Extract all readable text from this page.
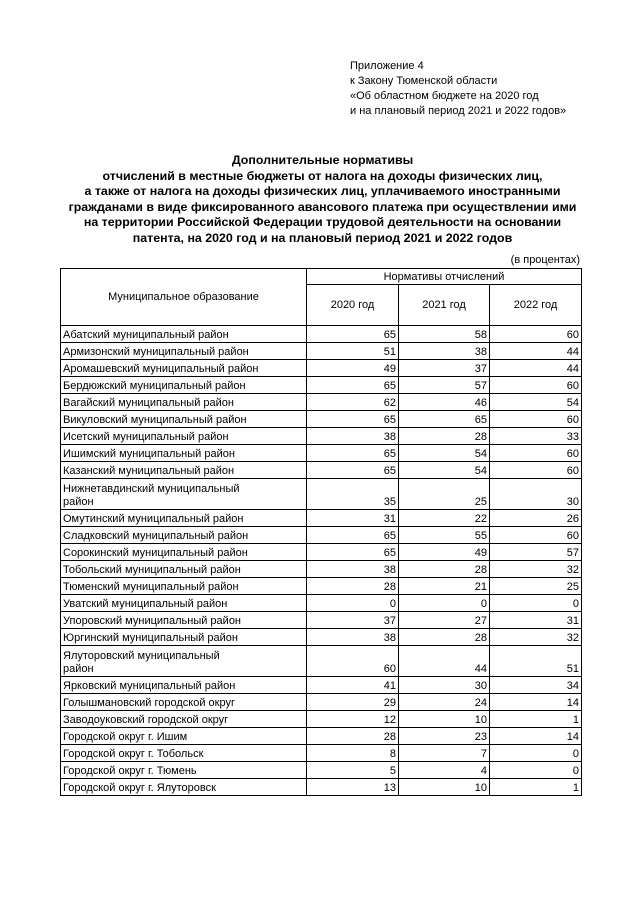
Приложение 4
к Закону Тюменской области
«Об областном бюджете на 2020 год
и на плановый период 2021 и 2022 годов»
Дополнительные нормативы
отчислений в местные бюджеты от налога на доходы физических лиц,
а также от налога на доходы физических лиц, уплачиваемого иностранными
гражданами в виде фиксированного авансового платежа при осуществлении ими
на территории Российской Федерации трудовой деятельности на основании
патента, на 2020 год и на плановый период 2021 и 2022 годов
(в процентах)
Муниципальное образование	Нормативы отчислений		
	2020 год	2021 год	2022 год
Абатский муниципальный район	65	58	60
Армизонский муниципальный район	51	38	44
Аромашевский муниципальный район	49	37	44
Бердюжский муниципальный район	65	57	60
Вагайский муниципальный район	62	46	54
Викуловский муниципальный район	65	65	60
Исетский муниципальный район	38	28	33
Ишимский муниципальный район	65	54	60
Казанский муниципальный район	65	54	60
Нижнетавдинский муниципальный
район	35	25	30
Омутинский муниципальный район	31	22	26
Сладковский муниципальный район	65	55	60
Сорокинский муниципальный район	65	49	57
Тобольский муниципальный район	38	28	32
Тюменский муниципальный район	28	21	25
Уватский муниципальный район	0	0	0
Упоровский муниципальный район	37	27	31
Юргинский муниципальный район	38	28	32
Ялуторовский муниципальный
район	60	44	51
Ярковский муниципальный район	41	30	34
Голышмановский городской округ	29	24	14
Заводоуковский городской округ	12	10	1
Городской округ г. Ишим	28	23	14
Городской округ г. Тобольск	8	7	0
Городской округ г. Тюмень	5	4	0
Городской округ г. Ялуторовск	13	10	1
